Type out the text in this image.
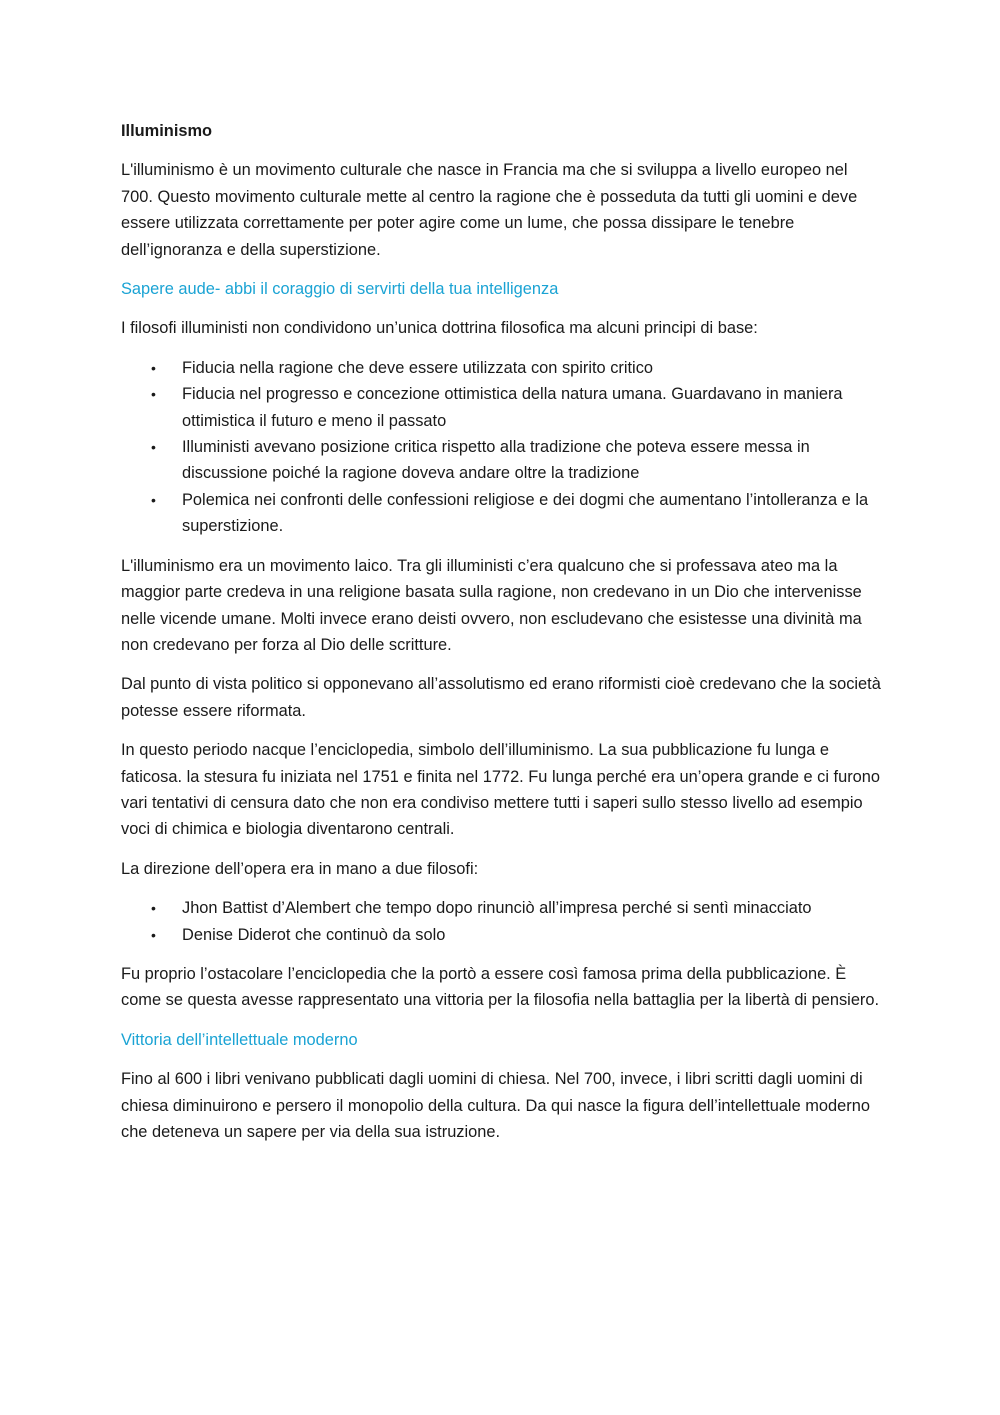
Illuminismo

L'illuminismo è un movimento culturale che nasce in Francia ma che si sviluppa a livello europeo nel 700. Questo movimento culturale mette al centro la ragione che è posseduta da tutti gli uomini e deve essere utilizzata correttamente per poter agire come un lume, che possa dissipare le tenebre dell’ignoranza e della superstizione.

Sapere aude- abbi il coraggio di servirti della tua intelligenza

I filosofi illuministi non condividono un’unica dottrina filosofica ma alcuni principi di base:

• Fiducia nella ragione che deve essere utilizzata con spirito critico
• Fiducia nel progresso e concezione ottimistica della natura umana. Guardavano in maniera ottimistica il futuro e meno il passato
• Illuministi avevano posizione critica rispetto alla tradizione che poteva essere messa in discussione poiché la ragione doveva andare oltre la tradizione
• Polemica nei confronti delle confessioni religiose e dei dogmi che aumentano l’intolleranza e la superstizione.

L'illuminismo era un movimento laico. Tra gli illuministi c’era qualcuno che si professava ateo ma la maggior parte credeva in una religione basata sulla ragione, non credevano in un Dio che intervenisse nelle vicende umane. Molti invece erano deisti ovvero, non escludevano che esistesse una divinità ma non credevano per forza al Dio delle scritture.

Dal punto di vista politico si opponevano all’assolutismo ed erano riformisti cioè credevano che la società potesse essere riformata.

In questo periodo nacque l’enciclopedia, simbolo dell’illuminismo. La sua pubblicazione fu lunga e faticosa. la stesura fu iniziata nel 1751 e finita nel 1772. Fu lunga perché era un’opera grande e ci furono vari tentativi di censura dato che non era condiviso mettere tutti i saperi sullo stesso livello ad esempio voci di chimica e biologia diventarono centrali.

La direzione dell’opera era in mano a due filosofi:

• Jhon Battist d’Alembert che tempo dopo rinunciò all’impresa perché si sentì minacciato
• Denise Diderot che continuò da solo

Fu proprio l’ostacolare l’enciclopedia che la portò a essere così famosa prima della pubblicazione. È come se questa avesse rappresentato una vittoria per la filosofia nella battaglia per la libertà di pensiero.

Vittoria dell’intellettuale moderno

Fino al 600 i libri venivano pubblicati dagli uomini di chiesa. Nel 700, invece, i libri scritti dagli uomini di chiesa diminuirono e persero il monopolio della cultura. Da qui nasce la figura dell’intellettuale moderno che deteneva un sapere per via della sua istruzione.
